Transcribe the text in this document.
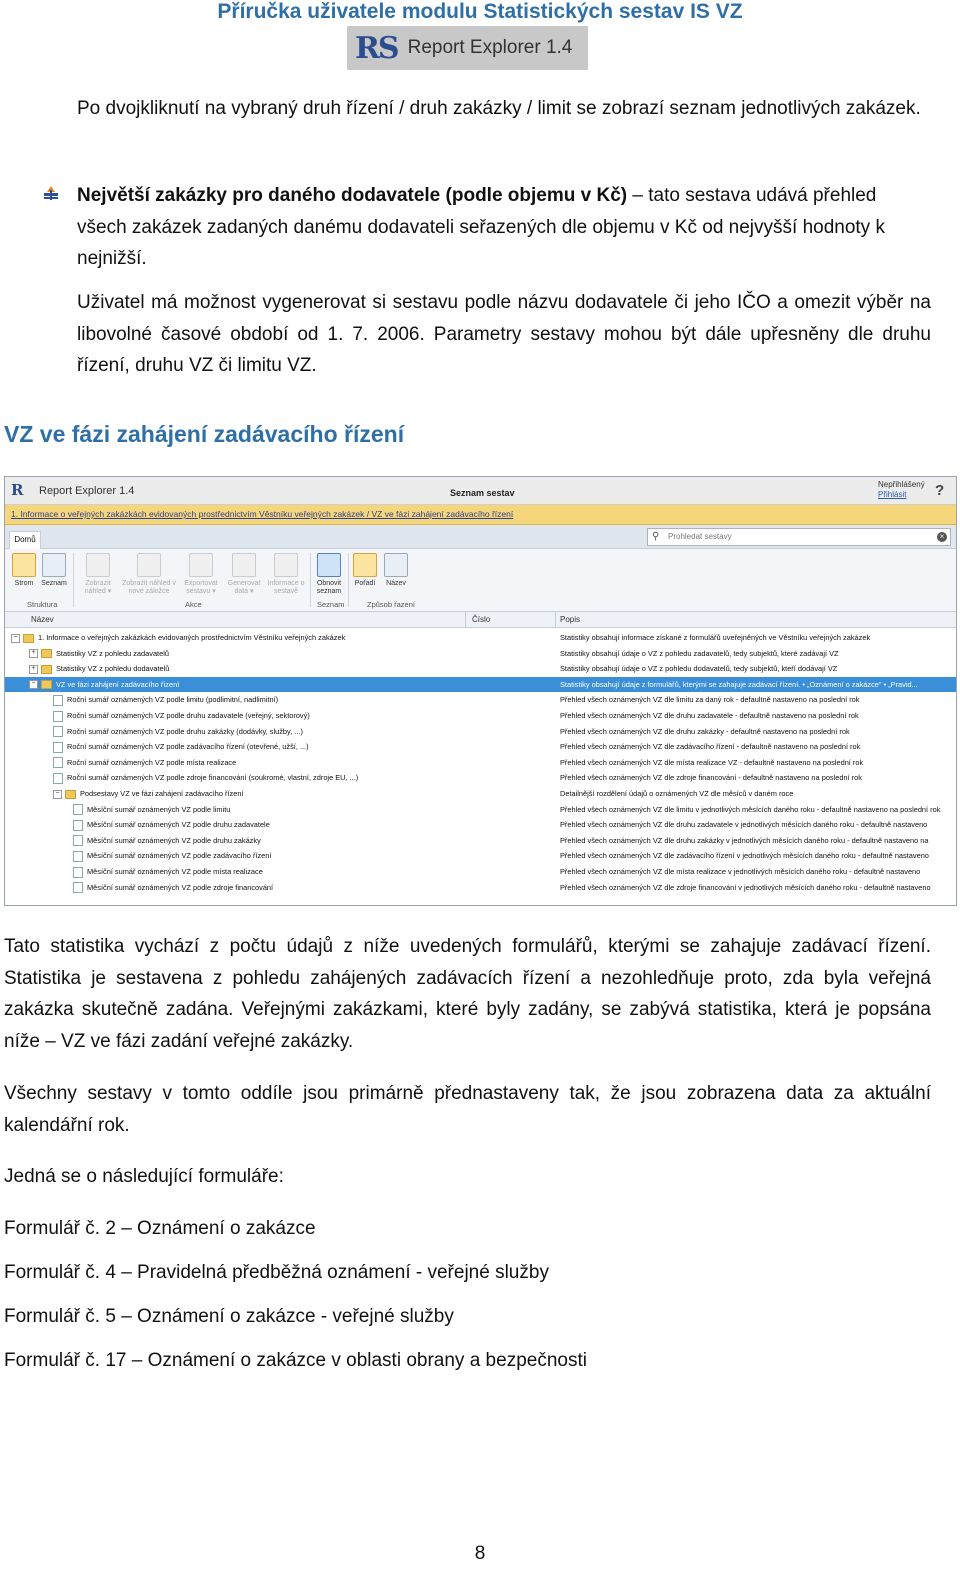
Příručka uživatele modulu Statistických sestav IS VZ
RS Report Explorer 1.4
Po dvojkliknutí na vybraný druh řízení / druh zakázky / limit se zobrazí seznam jednotlivých zakázek.
Největší zakázky pro daného dodavatele (podle objemu v Kč) – tato sestava udává přehled všech zakázek zadaných danému dodavateli seřazených dle objemu v Kč od nejvyšší hodnoty k nejnižší.
Uživatel má možnost vygenerovat si sestavu podle názvu dodavatele či jeho IČO a omezit výběr na libovolné časové období od 1. 7. 2006. Parametry sestavy mohou být dále upřesněny dle druhu řízení, druhu VZ či limitu VZ.
VZ ve fázi zahájení zadávacího řízení
R Report Explorer 1.4	Seznam sestav
Nepřihlášený
Přihlásit	?
1. Informace o veřejných zakázkách evidovaných prostřednictvím Věstníku veřejných zakázek / VZ ve fázi zahájení zadávacího řízení
Domů	⚲ Prohledat sestavy	×
Strom	Seznam
Struktura
Zobrazit náhled ▾
Zobrazit náhled v nové záložce
Exportovat sestavu ▾
Generovat data ▾
Informace o sestavě
Akce
Obnovit seznam
Seznam
Pořadí	Název
Způsob řazení
Název	Číslo	Popis
−	1. Informace o veřejných zakázkách evidovaných prostřednictvím Věstníku veřejných zakázek	Statistiky obsahují informace získané z formulářů uveřejněných ve Věstníku veřejných zakázek
+	Statistiky VZ z pohledu zadavatelů	Statistiky obsahují údaje o VZ z pohledu zadavatelů, tedy subjektů, které zadávají VZ
+	Statistiky VZ z pohledu dodavatelů	Statistiky obsahují údaje o VZ z pohledu dodavatelů, tedy subjektů, kteří dodávají VZ
−	VZ ve fázi zahájení zadávacího řízení	Statistiky obsahují údaje z formulářů, kterými se zahajuje zadávací řízení. • „Oznámení o zakázce" • „Pravid...
Roční sumář oznámených VZ podle limitu (podlimitní, nadlimitní)	Přehled všech oznámených VZ dle limitu za daný rok - defaultně nastaveno na poslední rok
Roční sumář oznámených VZ podle druhu zadavatele (veřejný, sektorový)	Přehled všech oznámených VZ dle druhu zadavatele - defaultně nastaveno na poslední rok
Roční sumář oznámených VZ podle druhu zakázky (dodávky, služby, ...)	Přehled všech oznámených VZ dle druhu zakázky - defaultně nastaveno na poslední rok
Roční sumář oznámených VZ podle zadávacího řízení (otevřené, užší, ...)	Přehled všech oznámených VZ dle zadávacího řízení - defaultně nastaveno na poslední rok
Roční sumář oznámených VZ podle místa realizace	Přehled všech oznámených VZ dle místa realizace VZ - defaultně nastaveno na poslední rok
Roční sumář oznámených VZ podle zdroje financování (soukromé, vlastní, zdroje EU, ...)	Přehled všech oznámených VZ dle zdroje financování - defaultně nastaveno na poslední rok
−	Podsestavy VZ ve fázi zahájení zadávacího řízení	Detailnější rozdělení údajů o oznámených VZ dle měsíců v daném roce
Měsíční sumář oznámených VZ podle limitu	Přehled všech oznámených VZ dle limitu v jednotlivých měsících daného roku - defaultně nastaveno na poslední rok
Měsíční sumář oznámených VZ podle druhu zadavatele	Přehled všech oznámených VZ dle druhu zadavatele v jednotlivých měsících daného roku - defaultně nastaveno
Měsíční sumář oznámených VZ podle druhu zakázky	Přehled všech oznámených VZ dle druhu zakázky v jednotlivých měsících daného roku - defaultně nastaveno na
Měsíční sumář oznámených VZ podle zadávacího řízení	Přehled všech oznámených VZ dle zadávacího řízení v jednotlivých měsících daného roku - defaultně nastaveno
Měsíční sumář oznámených VZ podle místa realizace	Přehled všech oznámených VZ dle místa realizace v jednotlivých měsících daného roku - defaultně nastaveno
Měsíční sumář oznámených VZ podle zdroje financování	Přehled všech oznámených VZ dle zdroje financování v jednotlivých měsících daného roku - defaultně nastaveno
Tato statistika vychází z počtu údajů z níže uvedených formulářů, kterými se zahajuje zadávací řízení. Statistika je sestavena z pohledu zahájených zadávacích řízení a nezohledňuje proto, zda byla veřejná zakázka skutečně zadána. Veřejnými zakázkami, které byly zadány, se zabývá statistika, která je popsána níže – VZ ve fázi zadání veřejné zakázky.
Všechny sestavy v tomto oddíle jsou primárně přednastaveny tak, že jsou zobrazena data za aktuální kalendářní rok.
Jedná se o následující formuláře:
Formulář č. 2 – Oznámení o zakázce
Formulář č. 4 – Pravidelná předběžná oznámení - veřejné služby
Formulář č. 5 – Oznámení o zakázce - veřejné služby
Formulář č. 17 – Oznámení o zakázce v oblasti obrany a bezpečnosti
8
